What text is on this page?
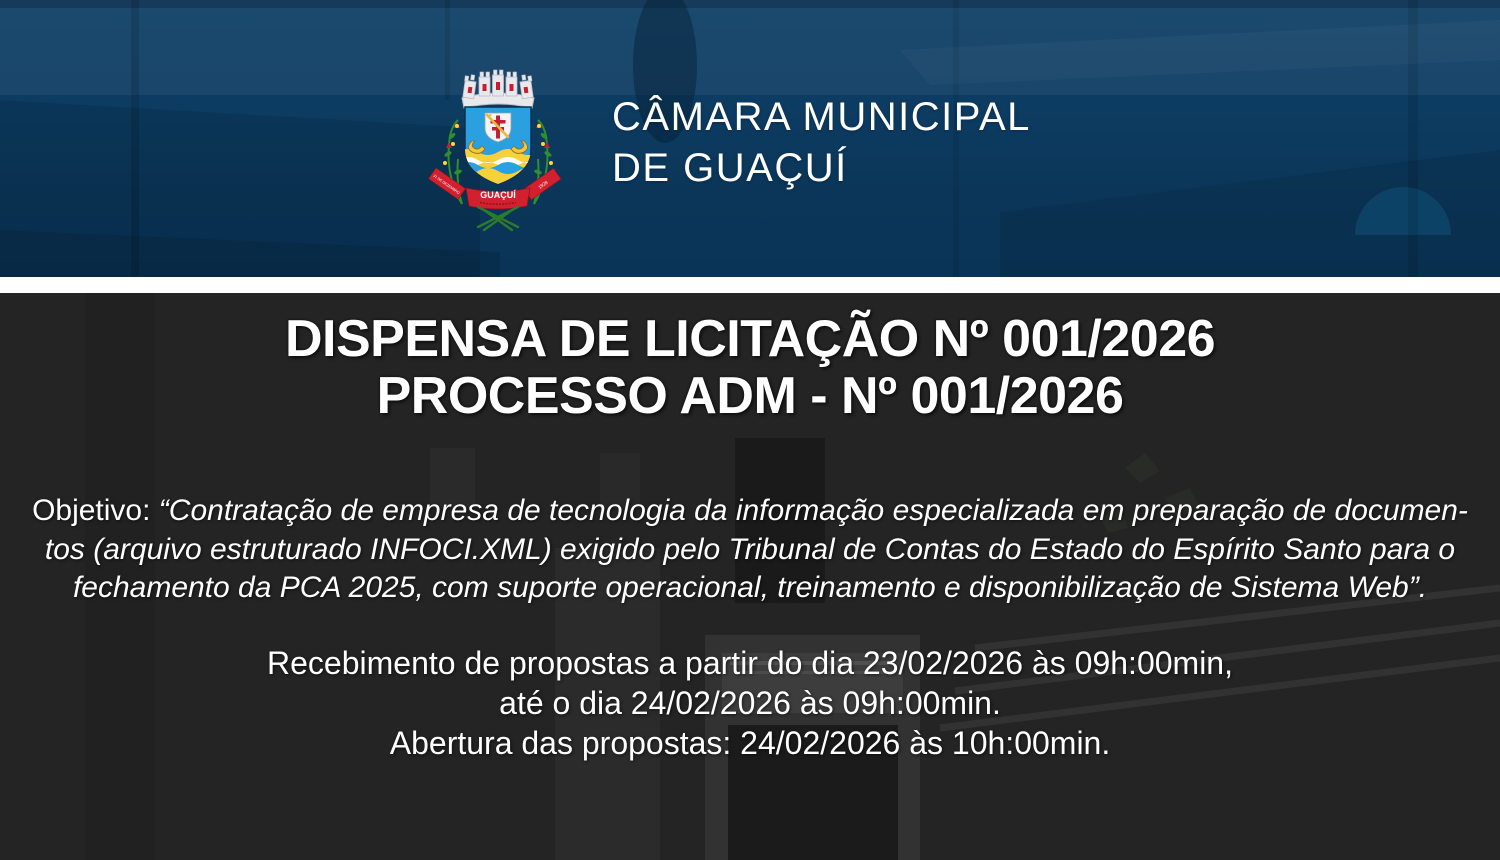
31 DE DEZEMBRO	1928
GUAÇUÍ
CÂMARA MUNICIPAL
DE GUAÇUÍ
DISPENSA DE LICITAÇÃO Nº 001/2026
PROCESSO ADM - Nº 001/2026
Objetivo: “Contratação de empresa de tecnologia da informação especializada em preparação de documen-
tos (arquivo estruturado INFOCI.XML) exigido pelo Tribunal de Contas do Estado do Espírito Santo para o
fechamento da PCA 2025, com suporte operacional, treinamento e disponibilização de Sistema Web”.
Recebimento de propostas a partir do dia 23/02/2026 às 09h:00min,
até o dia 24/02/2026 às 09h:00min.
Abertura das propostas: 24/02/2026 às 10h:00min.
